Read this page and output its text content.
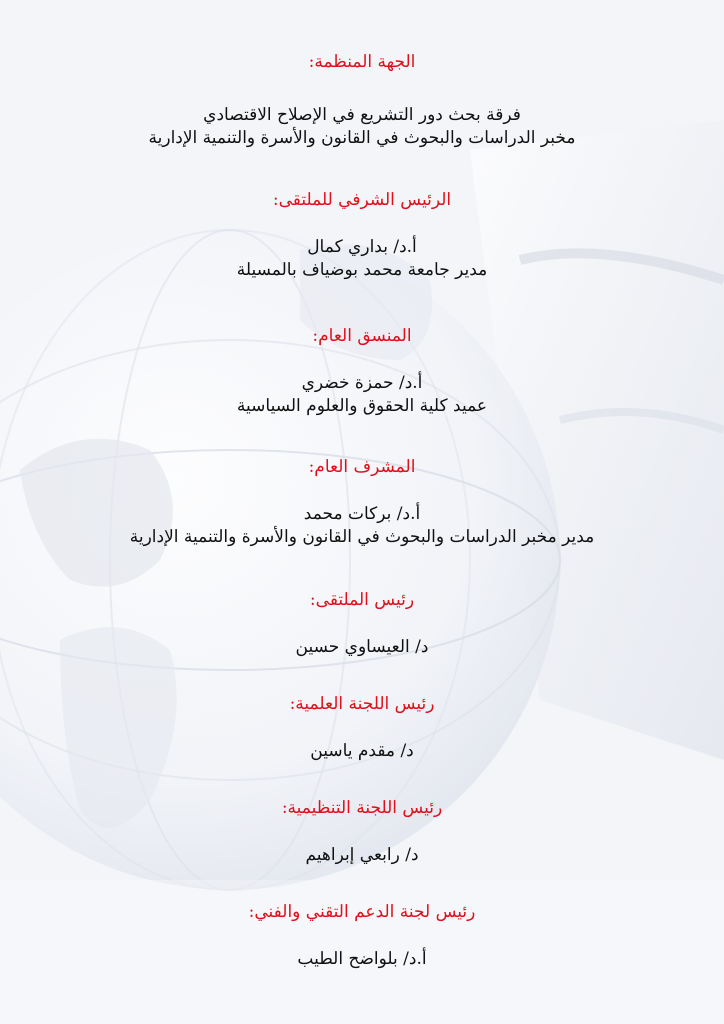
الجهة المنظمة:
فرقة بحث دور التشريع في الإصلاح الاقتصادي
مخبر الدراسات والبحوث في القانون والأسرة والتنمية الإدارية
الرئيس الشرفي للملتقى:
أ.د/ بداري كمال
مدير جامعة محمد بوضياف بالمسيلة
المنسق العام:
أ.د/ حمزة خضري
عميد كلية الحقوق والعلوم السياسية
المشرف العام:
أ.د/ بركات محمد
مدير مخبر الدراسات والبحوث في القانون والأسرة والتنمية الإدارية
رئيس الملتقى:
د/ العيساوي حسين
رئيس اللجنة العلمية:
د/ مقدم ياسين
رئيس اللجنة التنظيمية:
د/ رابعي إبراهيم
رئيس لجنة الدعم التقني والفني:
أ.د/ بلواضح الطيب
